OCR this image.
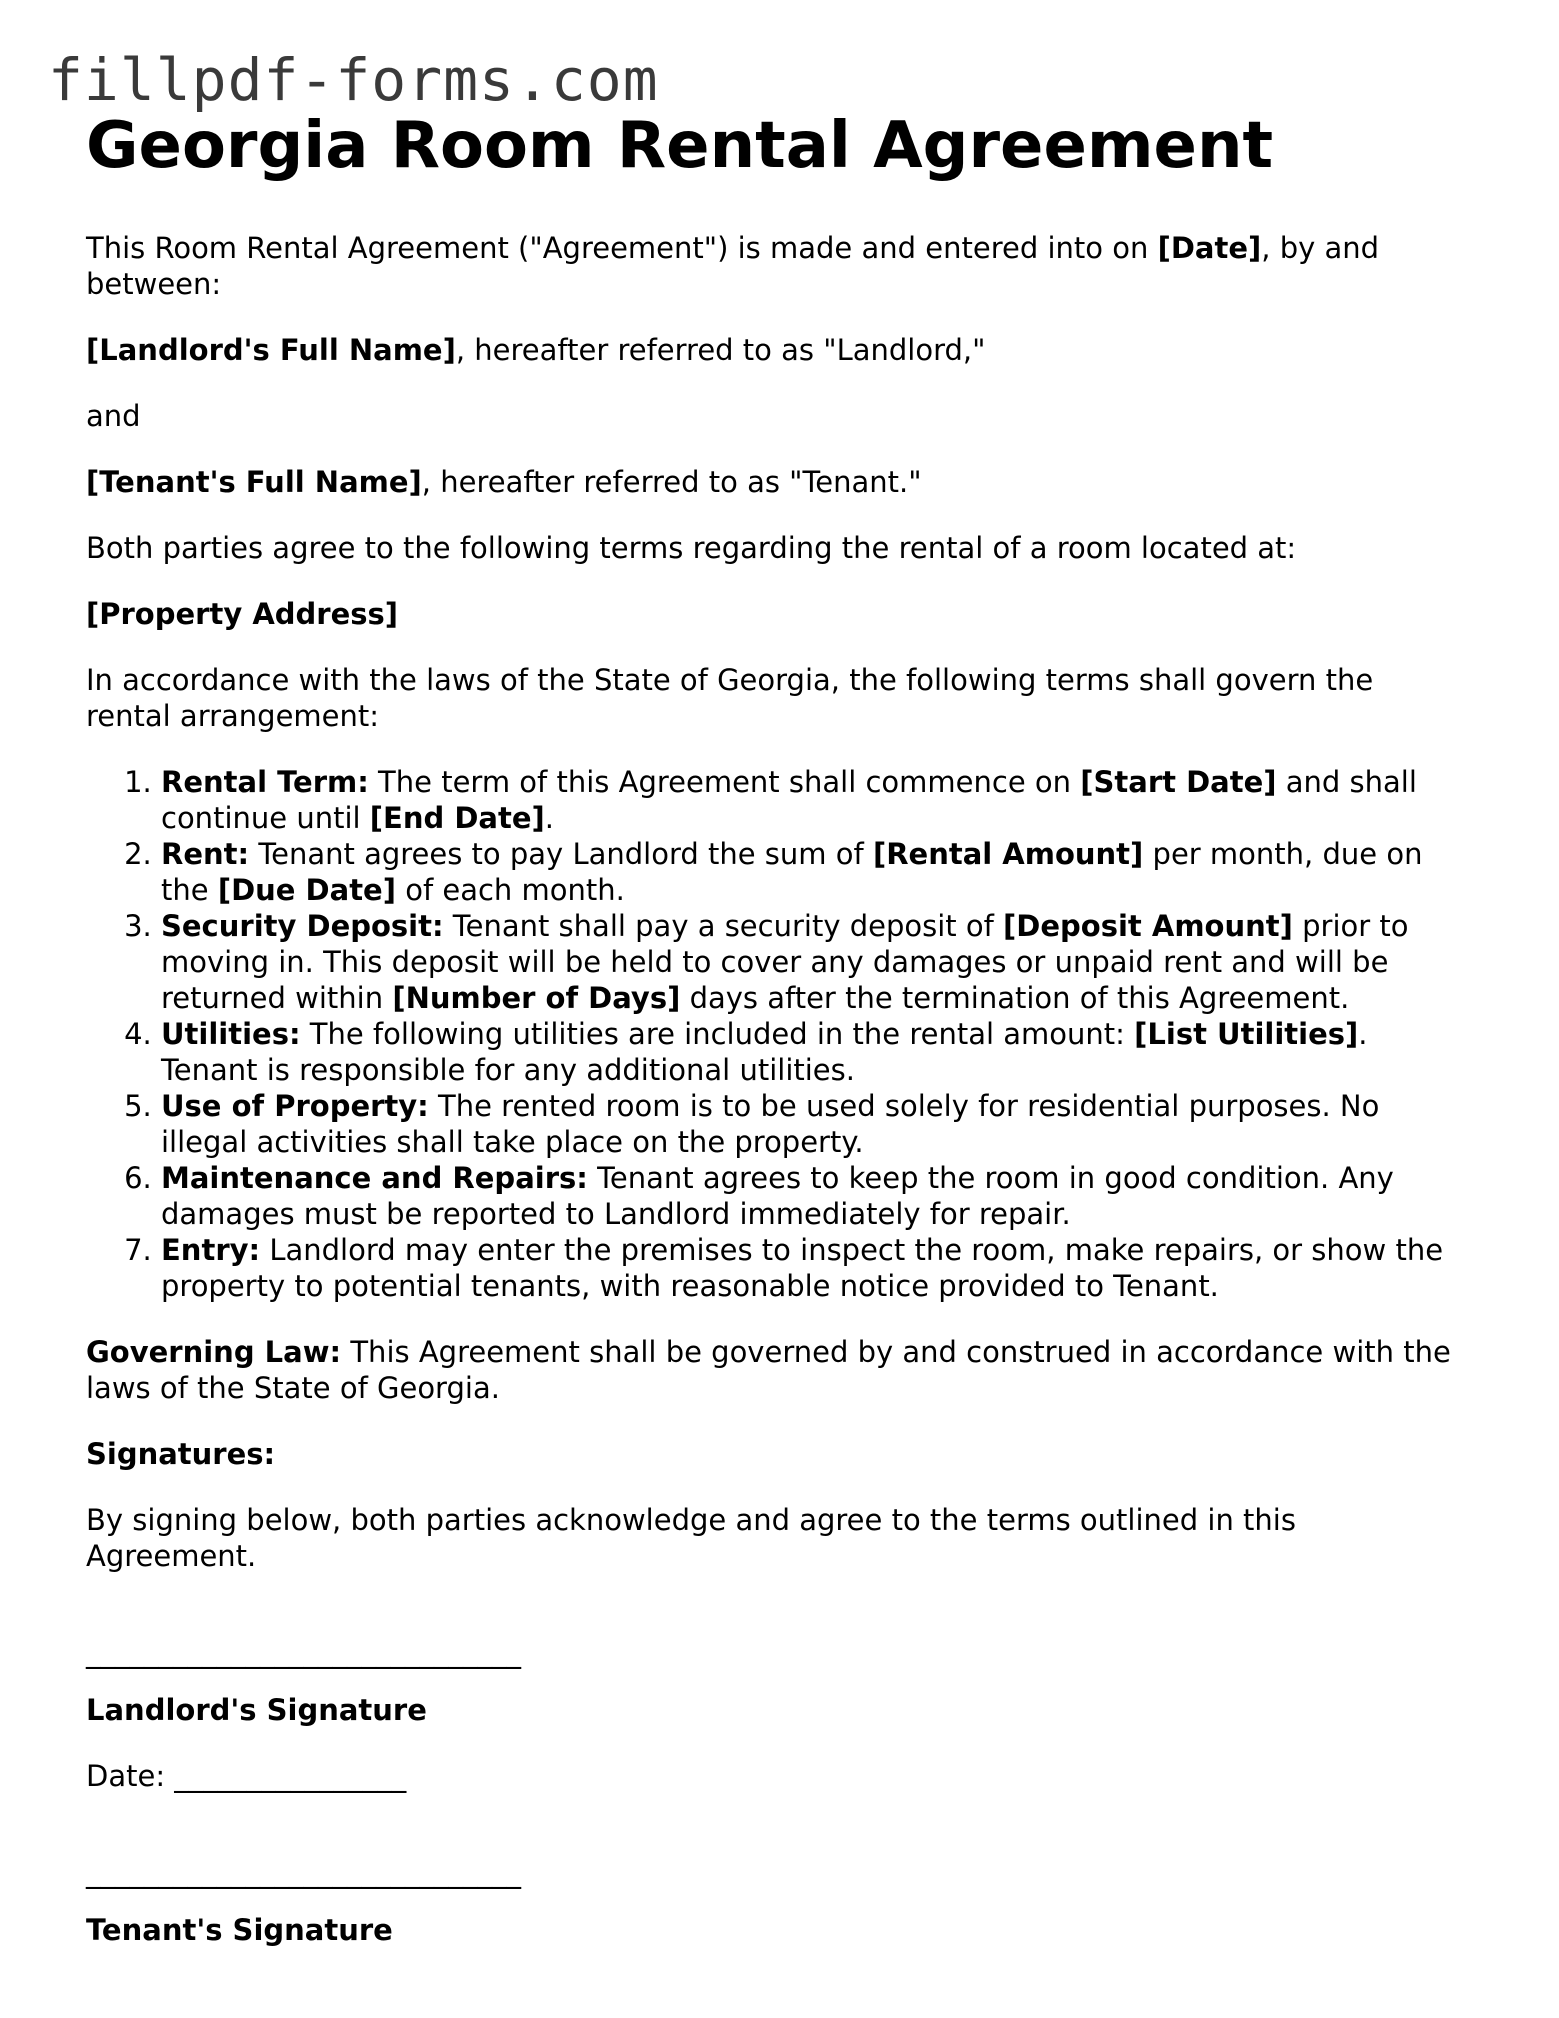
fillpdf-forms.com
Georgia Room Rental Agreement

This Room Rental Agreement ("Agreement") is made and entered into on [Date], by and between:

[Landlord's Full Name], hereafter referred to as "Landlord,"

and

[Tenant's Full Name], hereafter referred to as "Tenant."

Both parties agree to the following terms regarding the rental of a room located at:

[Property Address]

In accordance with the laws of the State of Georgia, the following terms shall govern the rental arrangement:

1. Rental Term: The term of this Agreement shall commence on [Start Date] and shall continue until [End Date].
2. Rent: Tenant agrees to pay Landlord the sum of [Rental Amount] per month, due on the [Due Date] of each month.
3. Security Deposit: Tenant shall pay a security deposit of [Deposit Amount] prior to moving in. This deposit will be held to cover any damages or unpaid rent and will be returned within [Number of Days] days after the termination of this Agreement.
4. Utilities: The following utilities are included in the rental amount: [List Utilities]. Tenant is responsible for any additional utilities.
5. Use of Property: The rented room is to be used solely for residential purposes. No illegal activities shall take place on the property.
6. Maintenance and Repairs: Tenant agrees to keep the room in good condition. Any damages must be reported to Landlord immediately for repair.
7. Entry: Landlord may enter the premises to inspect the room, make repairs, or show the property to potential tenants, with reasonable notice provided to Tenant.

Governing Law: This Agreement shall be governed by and construed in accordance with the laws of the State of Georgia.

Signatures:

By signing below, both parties acknowledge and agree to the terms outlined in this Agreement.

______________________________

Landlord's Signature

Date: ________________

______________________________

Tenant's Signature
